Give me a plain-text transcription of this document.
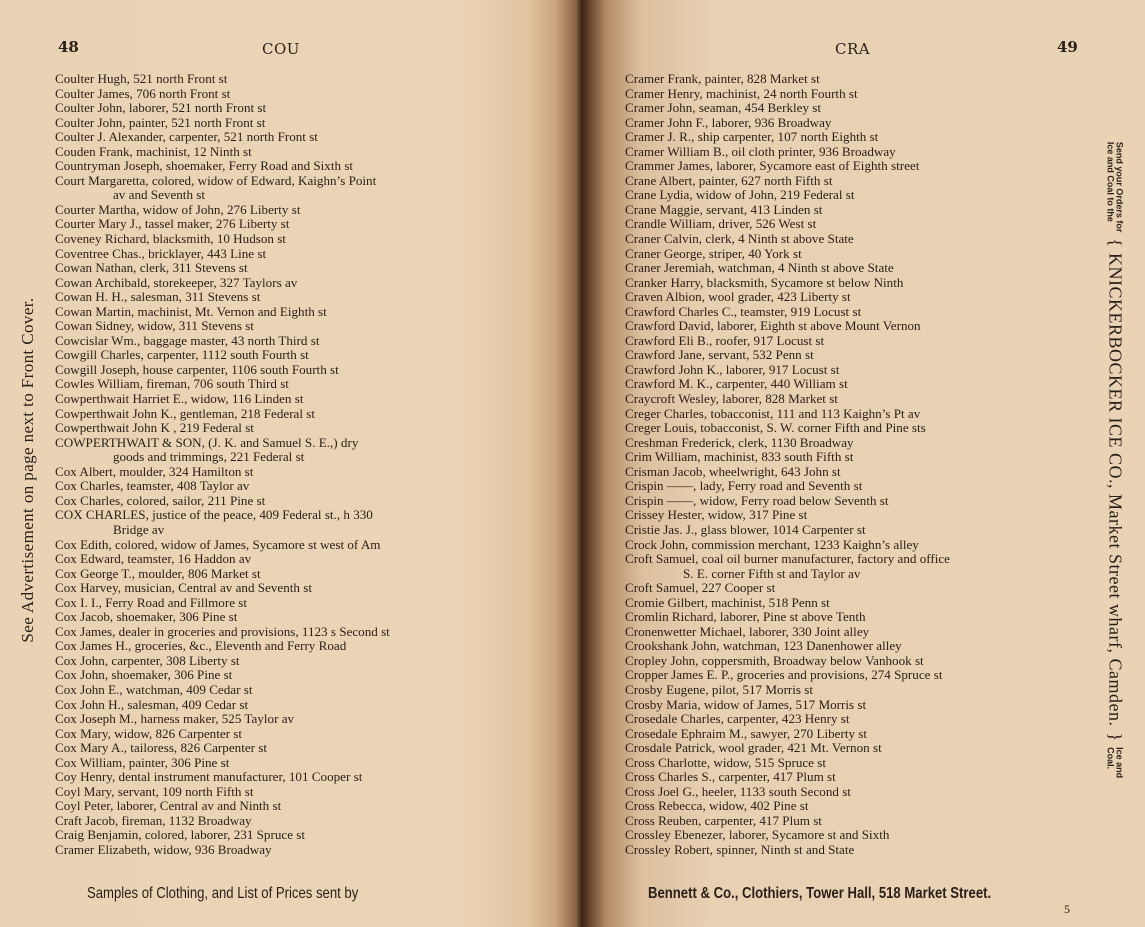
48	COU
See Advertisement on page next to Front Cover.
Coulter Hugh, 521 north Front st
Coulter James, 706 north Front st
Coulter John, laborer, 521 north Front st
Coulter John, painter, 521 north Front st
Coulter J. Alexander, carpenter, 521 north Front st
Couden Frank, machinist, 12 Ninth st
Countryman Joseph, shoemaker, Ferry Road and Sixth st
Court Margaretta, colored, widow of Edward, Kaighn’s Point
av and Seventh st
Courter Martha, widow of John, 276 Liberty st
Courter Mary J., tassel maker, 276 Liberty st
Coveney Richard, blacksmith, 10 Hudson st
Coventree Chas., bricklayer, 443 Line st
Cowan Nathan, clerk, 311 Stevens st
Cowan Archibald, storekeeper, 327 Taylors av
Cowan H. H., salesman, 311 Stevens st
Cowan Martin, machinist, Mt. Vernon and Eighth st
Cowan Sidney, widow, 311 Stevens st
Cowcislar Wm., baggage master, 43 north Third st
Cowgill Charles, carpenter, 1112 south Fourth st
Cowgill Joseph, house carpenter, 1106 south Fourth st
Cowles William, fireman, 706 south Third st
Cowperthwait Harriet E., widow, 116 Linden st
Cowperthwait John K., gentleman, 218 Federal st
Cowperthwait John K , 219 Federal st
COWPERTHWAIT & SON, (J. K. and Samuel S. E.,) dry
goods and trimmings, 221 Federal st
Cox Albert, moulder, 324 Hamilton st
Cox Charles, teamster, 408 Taylor av
Cox Charles, colored, sailor, 211 Pine st
COX CHARLES, justice of the peace, 409 Federal st., h 330
Bridge av
Cox Edith, colored, widow of James, Sycamore st west of Am
Cox Edward, teamster, 16 Haddon av
Cox George T., moulder, 806 Market st
Cox Harvey, musician, Central av and Seventh st
Cox I. I., Ferry Road and Fillmore st
Cox Jacob, shoemaker, 306 Pine st
Cox James, dealer in groceries and provisions, 1123 s Second st
Cox James H., groceries, &c., Eleventh and Ferry Road
Cox John, carpenter, 308 Liberty st
Cox John, shoemaker, 306 Pine st
Cox John E., watchman, 409 Cedar st
Cox John H., salesman, 409 Cedar st
Cox Joseph M., harness maker, 525 Taylor av
Cox Mary, widow, 826 Carpenter st
Cox Mary A., tailoress, 826 Carpenter st
Cox William, painter, 306 Pine st
Coy Henry, dental instrument manufacturer, 101 Cooper st
Coyl Mary, servant, 109 north Fifth st
Coyl Peter, laborer, Central av and Ninth st
Craft Jacob, fireman, 1132 Broadway
Craig Benjamin, colored, laborer, 231 Spruce st
Cramer Elizabeth, widow, 936 Broadway
Samples of Clothing, and List of Prices sent by
49
CRA
Cramer Frank, painter, 828 Market st
Cramer Henry, machinist, 24 north Fourth st
Cramer John, seaman, 454 Berkley st
Cramer John F., laborer, 936 Broadway
Cramer J. R., ship carpenter, 107 north Eighth st
Cramer William B., oil cloth printer, 936 Broadway
Crammer James, laborer, Sycamore east of Eighth street
Crane Albert, painter, 627 north Fifth st
Crane Lydia, widow of John, 219 Federal st
Crane Maggie, servant, 413 Linden st
Crandle William, driver, 526 West st
Craner Calvin, clerk, 4 Ninth st above State
Craner George, striper, 40 York st
Craner Jeremiah, watchman, 4 Ninth st above State
Cranker Harry, blacksmith, Sycamore st below Ninth
Craven Albion, wool grader, 423 Liberty st
Crawford Charles C., teamster, 919 Locust st
Crawford David, laborer, Eighth st above Mount Vernon
Crawford Eli B., roofer, 917 Locust st
Crawford Jane, servant, 532 Penn st
Crawford John K., laborer, 917 Locust st
Crawford M. K., carpenter, 440 William st
Craycroft Wesley, laborer, 828 Market st
Creger Charles, tobacconist, 111 and 113 Kaighn’s Pt av
Creger Louis, tobacconist, S. W. corner Fifth and Pine sts
Creshman Frederick, clerk, 1130 Broadway
Crim William, machinist, 833 south Fifth st
Crisman Jacob, wheelwright, 643 John st
Crispin ——, lady, Ferry road and Seventh st
Crispin ——, widow, Ferry road below Seventh st
Crissey Hester, widow, 317 Pine st
Cristie Jas. J., glass blower, 1014 Carpenter st
Crock John, commission merchant, 1233 Kaighn’s alley
Croft Samuel, coal oil burner manufacturer, factory and office
S. E. corner Fifth st and Taylor av
Croft Samuel, 227 Cooper st
Cromie Gilbert, machinist, 518 Penn st
Cromlin Richard, laborer, Pine st above Tenth
Cronenwetter Michael, laborer, 330 Joint alley
Crookshank John, watchman, 123 Danenhower alley
Cropley John, coppersmith, Broadway below Vanhook st
Cropper James E. P., groceries and provisions, 274 Spruce st
Crosby Eugene, pilot, 517 Morris st
Crosby Maria, widow of James, 517 Morris st
Crosedale Charles, carpenter, 423 Henry st
Crosedale Ephraim M., sawyer, 270 Liberty st
Crosdale Patrick, wool grader, 421 Mt. Vernon st
Cross Charlotte, widow, 515 Spruce st
Cross Charles S., carpenter, 417 Plum st
Cross Joel G., heeler, 1133 south Second st
Cross Rebecca, widow, 402 Pine st
Cross Reuben, carpenter, 417 Plum st
Crossley Ebenezer, laborer, Sycamore st and Sixth
Crossley Robert, spinner, Ninth st and State
Bennett & Co., Clothiers, Tower Hall, 518 Market Street.
5
Send your Orders for
Ice and Coal to the
{
KNICKERBOCKER ICE CO., Market Street wharf, Camden.
}
Ice and
Coal.
